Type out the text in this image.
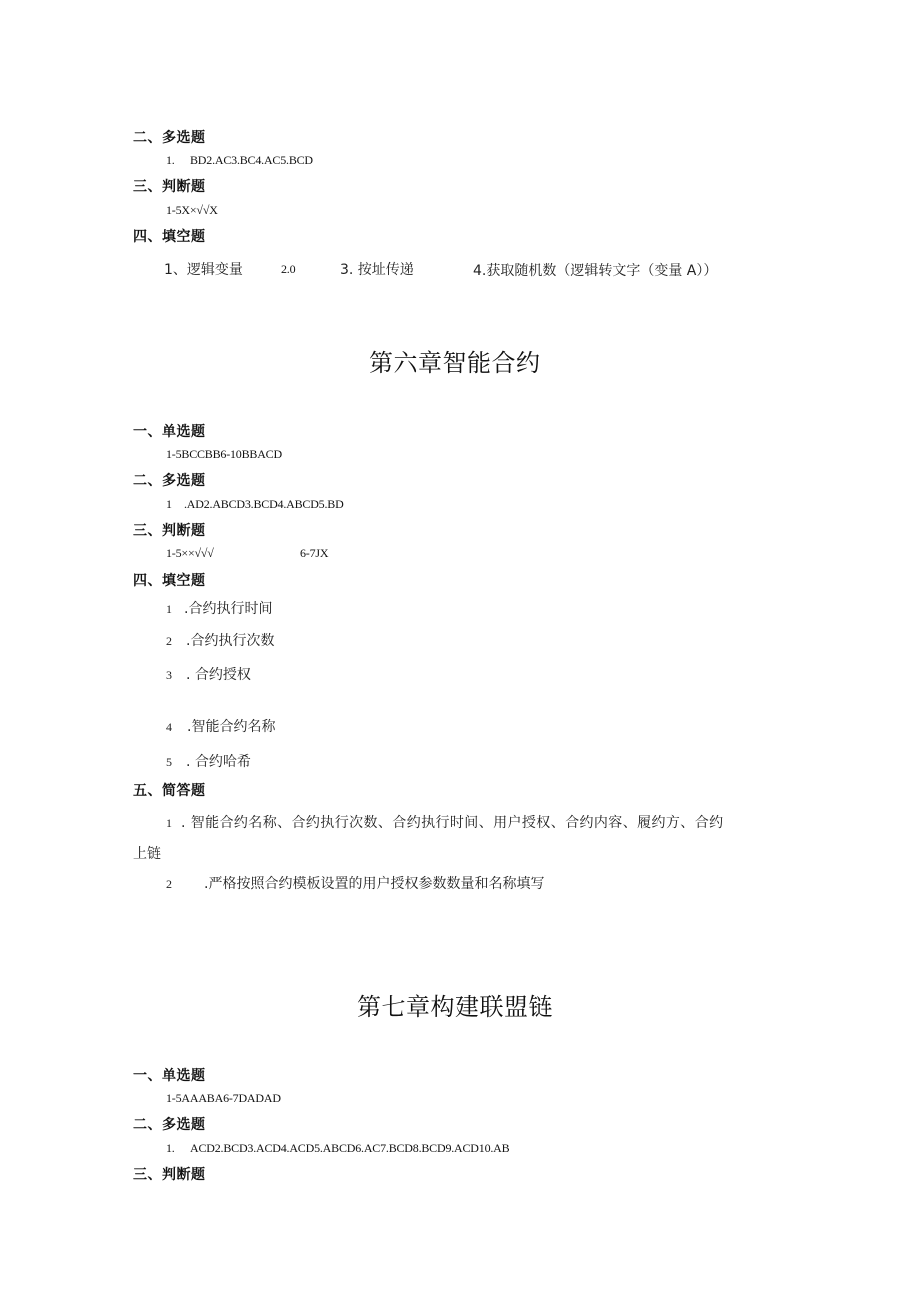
二、多选题
1. BD2.AC3.BC4.AC5.BCD
三、判断题
1-5X×√√X
四、填空题
1、逻辑变量	2.0	3. 按址传递	4.获取随机数（逻辑转文字（变量 A））
第六章智能合约
一、单选题
1-5BCCBB6-10BBACD
二、多选题
1 .AD2.ABCD3.BCD4.ABCD5.BD
三、判断题
1-5××√√√	6-7JX
四、填空题
1 .合约执行时间
2 .合约执行次数
3 . 合约授权
4 .智能合约名称
5 . 合约哈希
五、简答题
1 . 智能合约名称、合约执行次数、合约执行时间、用户授权、合约内容、履约方、合约
上链
2 .严格按照合约模板设置的用户授权参数数量和名称填写
第七章构建联盟链
一、单选题
1-5AAABA6-7DADAD
二、多选题
1. ACD2.BCD3.ACD4.ACD5.ABCD6.AC7.BCD8.BCD9.ACD10.AB
三、判断题
